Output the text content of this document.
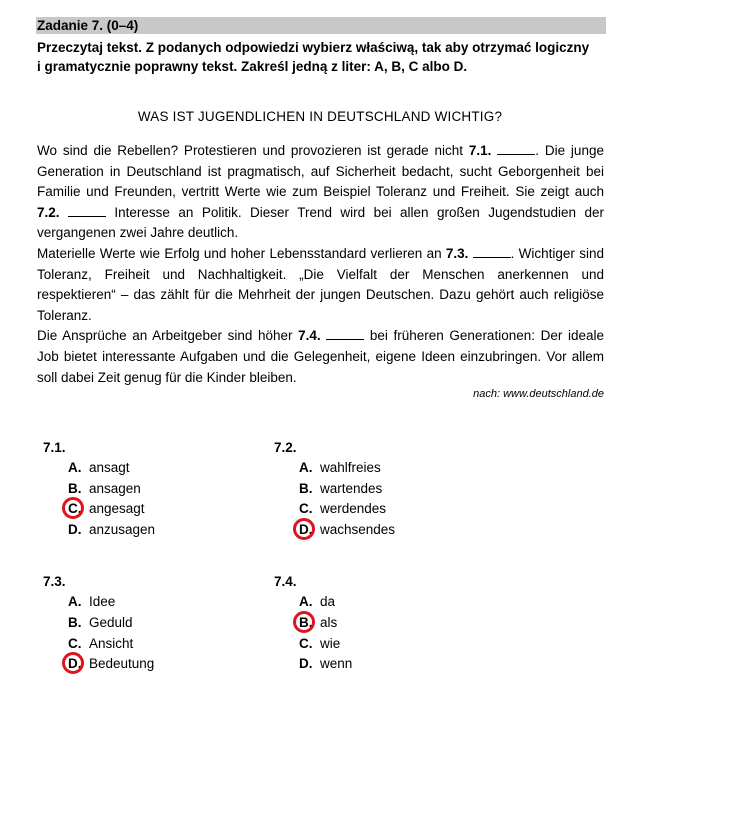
Zadanie 7. (0–4)
Przeczytaj tekst. Z podanych odpowiedzi wybierz właściwą, tak aby otrzymać logiczny
i gramatycznie poprawny tekst. Zakreśl jedną z liter: A, B, C albo D.
WAS IST JUGENDLICHEN IN DEUTSCHLAND WICHTIG?

Wo sind die Rebellen? Protestieren und provozieren ist gerade nicht 7.1.	. Die junge Generation in Deutschland ist pragmatisch, auf Sicherheit bedacht, sucht Geborgenheit bei Familie und Freunden, vertritt Werte wie zum Beispiel Toleranz und Freiheit. Sie zeigt auch 7.2.	Interesse an Politik. Dieser Trend wird bei allen großen Jugendstudien der vergangenen zwei Jahre deutlich.

Materielle Werte wie Erfolg und hoher Lebensstandard verlieren an 7.3.	. Wichtiger sind Toleranz, Freiheit und Nachhaltigkeit. „Die Vielfalt der Menschen anerkennen und respektieren“ – das zählt für die Mehrheit der jungen Deutschen. Dazu gehört auch religiöse Toleranz.

Die Ansprüche an Arbeitgeber sind höher 7.4.	bei früheren Generationen: Der ideale Job bietet interessante Aufgaben und die Gelegenheit, eigene Ideen einzubringen. Vor allem soll dabei Zeit genug für die Kinder bleiben.

nach: www.deutschland.de
7.1.
A. ansagt
B. ansagen
C. angesagt
D. anzusagen
7.2.
A. wahlfreies
B. wartendes
C. werdendes
D. wachsendes
7.3.
A. Idee
B. Geduld
C. Ansicht
D. Bedeutung
7.4.
A. da
B. als
C. wie
D. wenn
